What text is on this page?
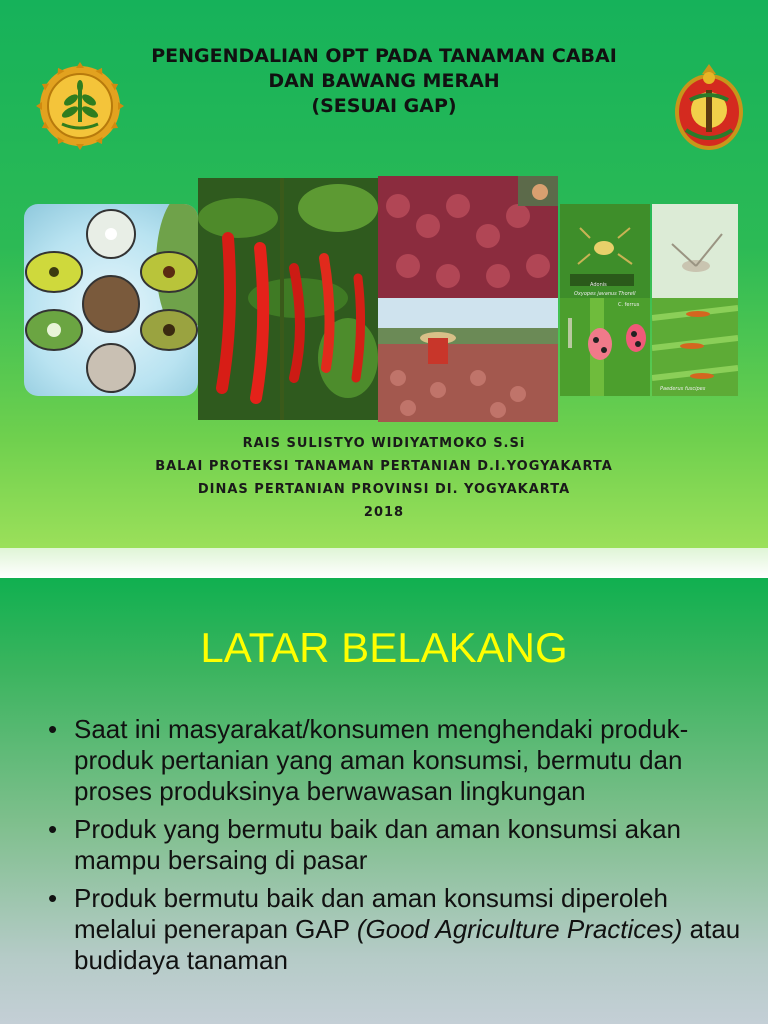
PENGENDALIAN OPT PADA TANAMAN CABAI
DAN BAWANG MERAH
(SESUAI GAP)
Adonis
Oxyopes javanus Thorell
C. ferrus
Paederus fuscipes
RAIS SULISTYO WIDIYATMOKO S.Si
BALAI PROTEKSI TANAMAN PERTANIAN D.I.YOGYAKARTA
DINAS PERTANIAN PROVINSI DI. YOGYAKARTA
2018
LATAR BELAKANG
• Saat ini masyarakat/konsumen menghendaki produk-produk pertanian yang aman konsumsi, bermutu dan proses produksinya berwawasan lingkungan
• Produk yang bermutu baik dan aman konsumsi akan mampu bersaing di pasar
• Produk bermutu baik dan aman konsumsi diperoleh melalui penerapan GAP (Good Agriculture Practices) atau budidaya tanaman
